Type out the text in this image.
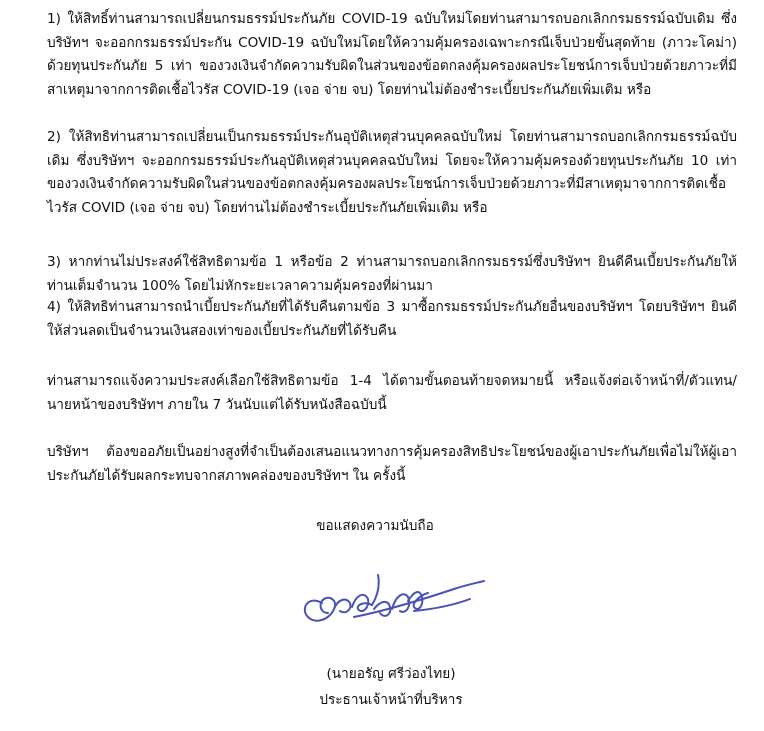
1) ให้สิทธิ์ท่านสามารถเปลี่ยนกรมธรรม์ประกันภัย COVID-19 ฉบับใหม่โดยท่านสามารถบอกเลิกกรมธรรม์ฉบับเดิม ซึ่งบริษัทฯ จะออกกรมธรรม์ประกัน COVID-19 ฉบับใหม่โดยให้ความคุ้มครองเฉพาะกรณีเจ็บป่วยขั้นสุดท้าย (ภาวะโคม่า) ด้วยทุนประกันภัย 5 เท่า ของวงเงินจำกัดความรับผิดในส่วนของข้อตกลงคุ้มครองผลประโยชน์การเจ็บป่วยด้วยภาวะที่มีสาเหตุมาจากการติดเชื้อไวรัส COVID-19 (เจอ จ่าย จบ) โดยท่านไม่ต้องชำระเบี้ยประกันภัยเพิ่มเติม หรือ

2) ให้สิทธิท่านสามารถเปลี่ยนเป็นกรมธรรม์ประกันอุบัติเหตุส่วนบุคคลฉบับใหม่ โดยท่านสามารถบอกเลิกกรมธรรม์ฉบับเดิม ซึ่งบริษัทฯ จะออกกรมธรรม์ประกันอุบัติเหตุส่วนบุคคลฉบับใหม่ โดยจะให้ความคุ้มครองด้วยทุนประกันภัย 10 เท่า ของวงเงินจำกัดความรับผิดในส่วนของข้อตกลงคุ้มครองผลประโยชน์การเจ็บป่วยด้วยภาวะที่มีสาเหตุมาจากการติดเชื้อไวรัส COVID (เจอ จ่าย จบ) โดยท่านไม่ต้องชำระเบี้ยประกันภัยเพิ่มเติม หรือ

3) หากท่านไม่ประสงค์ใช้สิทธิตามข้อ 1 หรือข้อ 2 ท่านสามารถบอกเลิกกรมธรรม์ซึ่งบริษัทฯ ยินดีคืนเบี้ยประกันภัยให้ท่านเต็มจำนวน 100% โดยไม่หักระยะเวลาความคุ้มครองที่ผ่านมา

4) ให้สิทธิท่านสามารถนำเบี้ยประกันภัยที่ได้รับคืนตามข้อ 3 มาซื้อกรมธรรม์ประกันภัยอื่นของบริษัทฯ โดยบริษัทฯ ยินดีให้ส่วนลดเป็นจำนวนเงินสองเท่าของเบี้ยประกันภัยที่ได้รับคืน

ท่านสามารถแจ้งความประสงค์เลือกใช้สิทธิตามข้อ 1-4 ได้ตามขั้นตอนท้ายจดหมายนี้ หรือแจ้งต่อเจ้าหน้าที่/ตัวแทน/นายหน้าของบริษัทฯ ภายใน 7 วันนับแต่ได้รับหนังสือฉบับนี้

บริษัทฯ ต้องขออภัยเป็นอย่างสูงที่จำเป็นต้องเสนอแนวทางการคุ้มครองสิทธิประโยชน์ของผู้เอาประกันภัยเพื่อไม่ให้ผู้เอาประกันภัยได้รับผลกระทบจากสภาพคล่องของบริษัทฯ ใน ครั้งนี้

ขอแสดงความนับถือ
(นายอรัญ ศรีว่องไทย)
ประธานเจ้าหน้าที่บริหาร
